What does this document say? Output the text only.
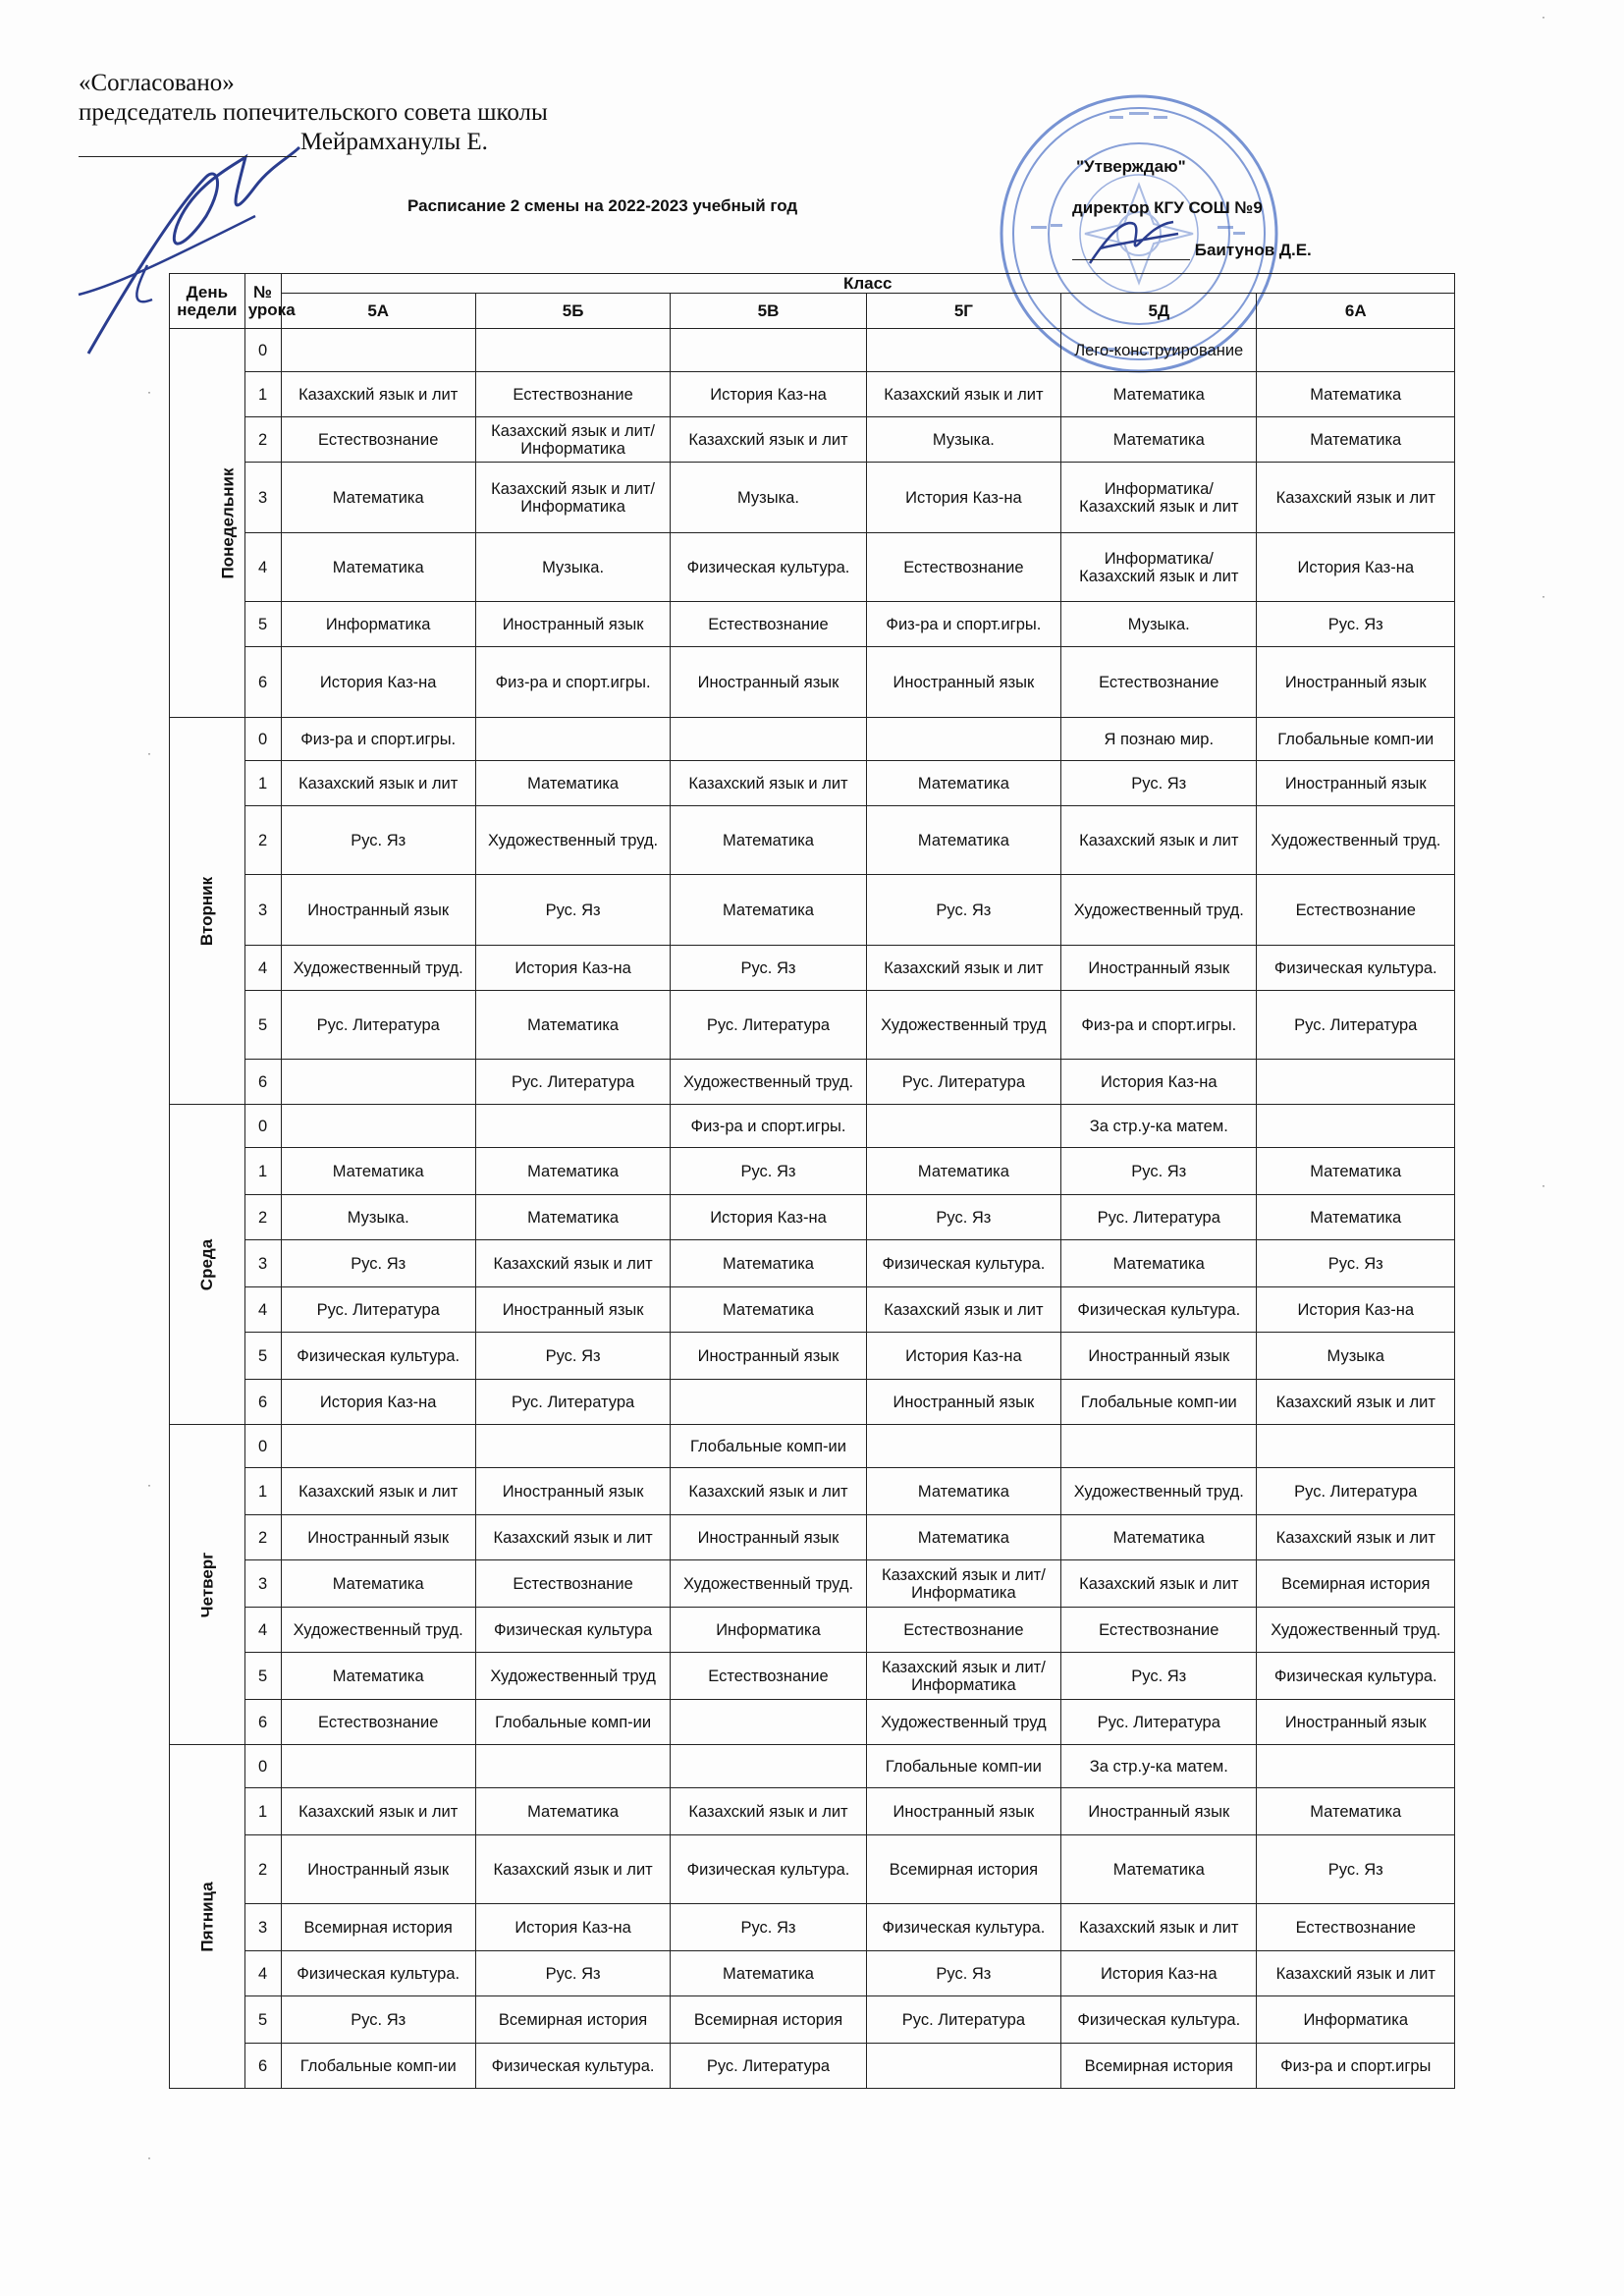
«Согласовано»
председатель попечительского совета школы
Мейрамханулы Е.
Расписание 2 смены на 2022-2023 учебный год
"Утверждаю"
директор КГУ СОШ №9
Баитунов Д.Е.
День недели	№ урока	Класс					
		5А	5Б	5В	5Г	5Д	6А
Понедельник	0					Лего-конструирование	
	1	Казахский язык и лит	Естествознание	История Каз-на	Казахский язык и лит	Математика	Математика
	2	Естествознание	Казахский язык и лит/Информатика	Казахский язык и лит	Музыка.	Математика	Математика
	3	Математика	Казахский язык и лит/Информатика	Музыка.	История Каз-на	Информатика/ Казахский язык и лит	Казахский язык и лит
	4	Математика	Музыка.	Физическая культура.	Естествознание	Информатика/ Казахский язык и лит	История Каз-на
	5	Информатика	Иностранный язык	Естествознание	Физ-ра и спорт.игры.	Музыка.	Рус. Яз
	6	История Каз-на	Физ-ра и спорт.игры.	Иностранный язык	Иностранный язык	Естествознание	Иностранный язык
Вторник	0	Физ-ра и спорт.игры.				Я познаю мир.	Глобальные комп-ии
	1	Казахский язык и лит	Математика	Казахский язык и лит	Математика	Рус. Яз	Иностранный язык
	2	Рус. Яз	Художественный труд.	Математика	Математика	Казахский язык и лит	Художественный труд.
	3	Иностранный язык	Рус. Яз	Математика	Рус. Яз	Художественный труд.	Естествознание
	4	Художественный труд.	История Каз-на	Рус. Яз	Казахский язык и лит	Иностранный язык	Физическая культура.
	5	Рус. Литература	Математика	Рус. Литература	Художественный труд	Физ-ра и спорт.игры.	Рус. Литература
	6		Рус. Литература	Художественный труд.	Рус. Литература	История Каз-на	
Среда	0			Физ-ра и спорт.игры.		За стр.у-ка матем.	
	1	Математика	Математика	Рус. Яз	Математика	Рус. Яз	Математика
	2	Музыка.	Математика	История Каз-на	Рус. Яз	Рус. Литература	Математика
	3	Рус. Яз	Казахский язык и лит	Математика	Физическая культура.	Математика	Рус. Яз
	4	Рус. Литература	Иностранный язык	Математика	Казахский язык и лит	Физическая культура.	История Каз-на
	5	Физическая культура.	Рус. Яз	Иностранный язык	История Каз-на	Иностранный язык	Музыка
	6	История Каз-на	Рус. Литература		Иностранный язык	Глобальные комп-ии	Казахский язык и лит
Четверг	0			Глобальные комп-ии			
	1	Казахский язык и лит	Иностранный язык	Казахский язык и лит	Математика	Художественный труд.	Рус. Литература
	2	Иностранный язык	Казахский язык и лит	Иностранный язык	Математика	Математика	Казахский язык и лит
	3	Математика	Естествознание	Художественный труд.	Казахский язык и лит/ Информатика	Казахский язык и лит	Всемирная история
	4	Художественный труд.	Физическая культура	Информатика	Естествознание	Естествознание	Художественный труд.
	5	Математика	Художественный труд	Естествознание	Казахский язык и лит/ Информатика	Рус. Яз	Физическая культура.
	6	Естествознание	Глобальные комп-ии		Художественный труд	Рус. Литература	Иностранный язык
Пятница	0				Глобальные комп-ии	За стр.у-ка матем.	
	1	Казахский язык и лит	Математика	Казахский язык и лит	Иностранный язык	Иностранный язык	Математика
	2	Иностранный язык	Казахский язык и лит	Физическая культура.	Всемирная история	Математика	Рус. Яз
	3	Всемирная история	История Каз-на	Рус. Яз	Физическая культура.	Казахский язык и лит	Естествознание
	4	Физическая культура.	Рус. Яз	Математика	Рус. Яз	История Каз-на	Казахский язык и лит
	5	Рус. Яз	Всемирная история	Всемирная история	Рус. Литература	Физическая культура.	Информатика
	6	Глобальные комп-ии	Физическая культура.	Рус. Литература		Всемирная история	Физ-ра и спорт.игры
·
·
·
·
·
·
·
